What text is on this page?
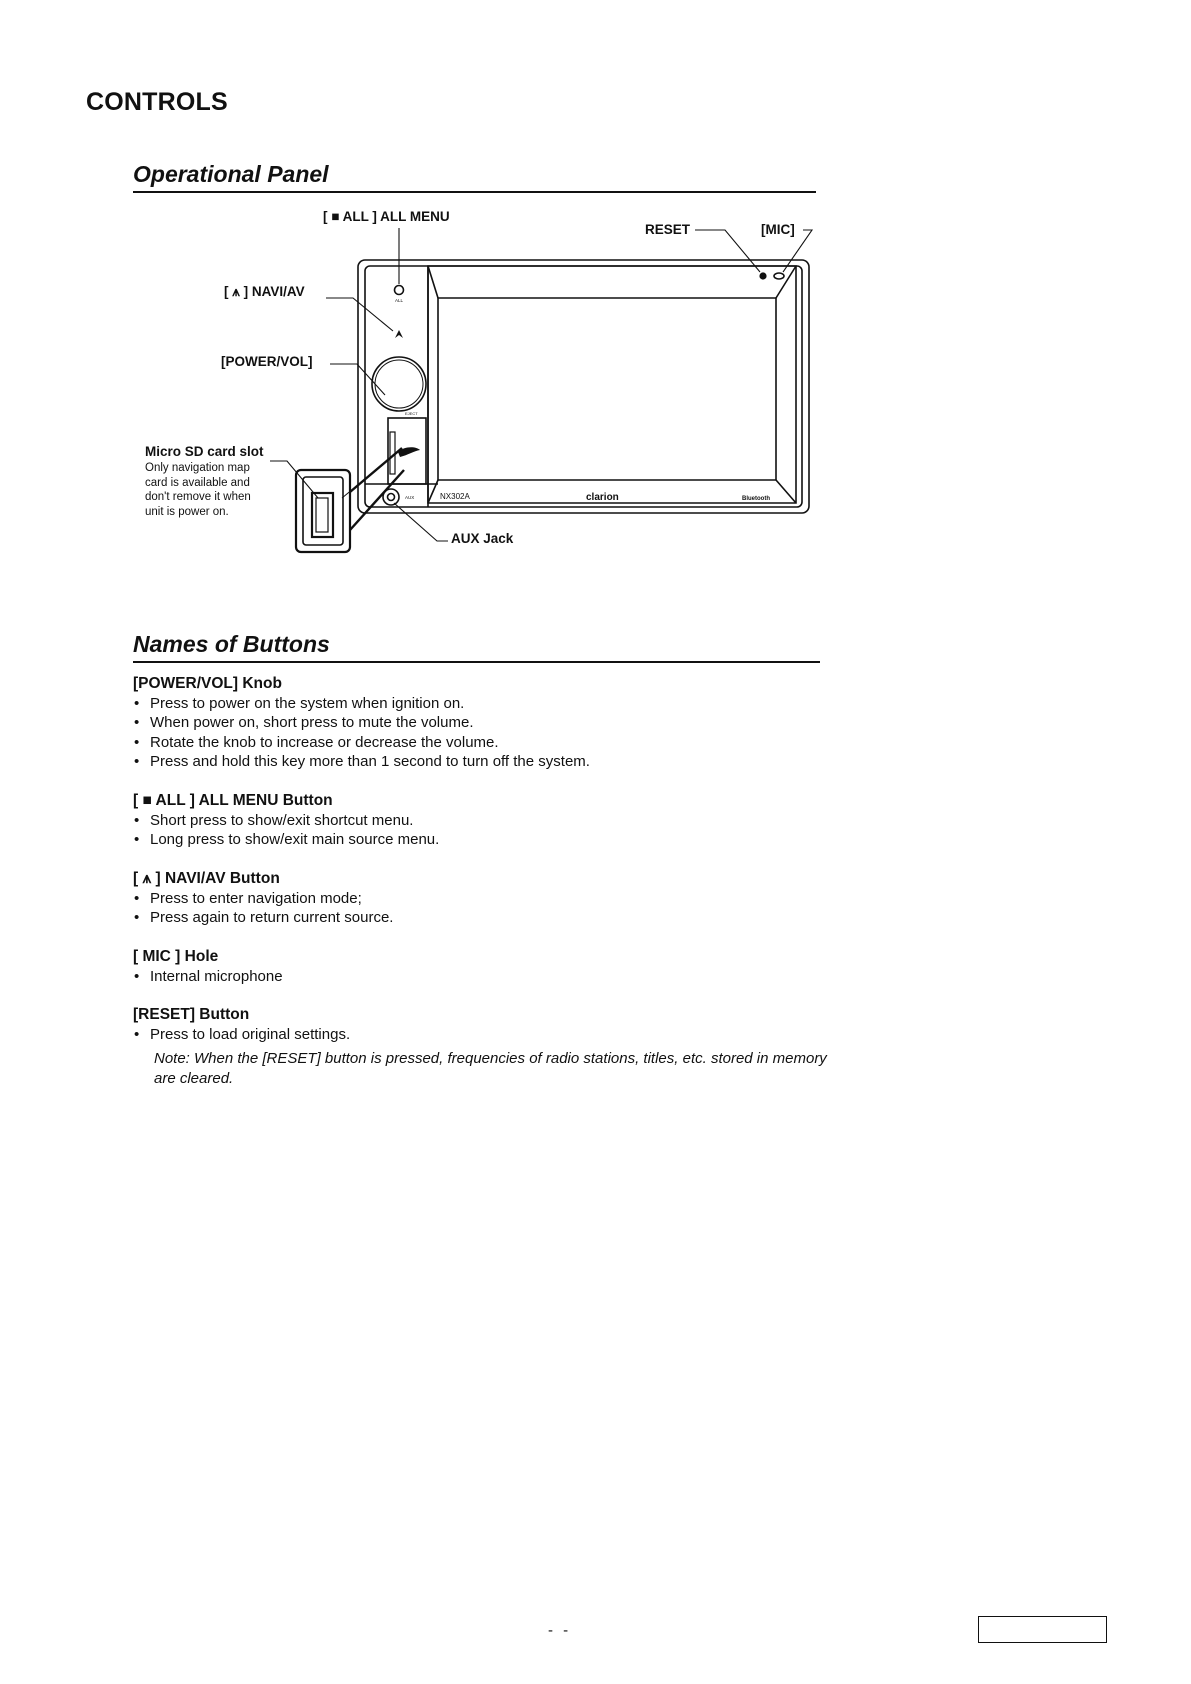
CONTROLS
Operational Panel
[ ■ ALL ] ALL MENU
RESET	[MIC]
[ ⩚ ] NAVI/AV
[POWER/VOL]
Micro SD card slot
Only navigation map
card is available and
don't remove it when
unit is power on.
AUX Jack
ALL
EJECT
AUX	NX302A	clarion	Bluetooth
Names of Buttons
[POWER/VOL] Knob
• Press to power on the system when ignition on.
• When power on, short press to mute the volume.
• Rotate the knob to increase or decrease the volume.
• Press and hold this key more than 1 second to turn off the system.
[ ■ ALL ] ALL MENU Button
• Short press to show/exit shortcut menu.
• Long press to show/exit main source menu.
[ ⩚ ] NAVI/AV Button
• Press to enter navigation mode;
• Press again to return current source.
[ MIC ] Hole
• Internal microphone
[RESET] Button
• Press to load original settings.
Note: When the [RESET] button is pressed, frequencies of radio stations, titles, etc. stored in memory are cleared.
- -
